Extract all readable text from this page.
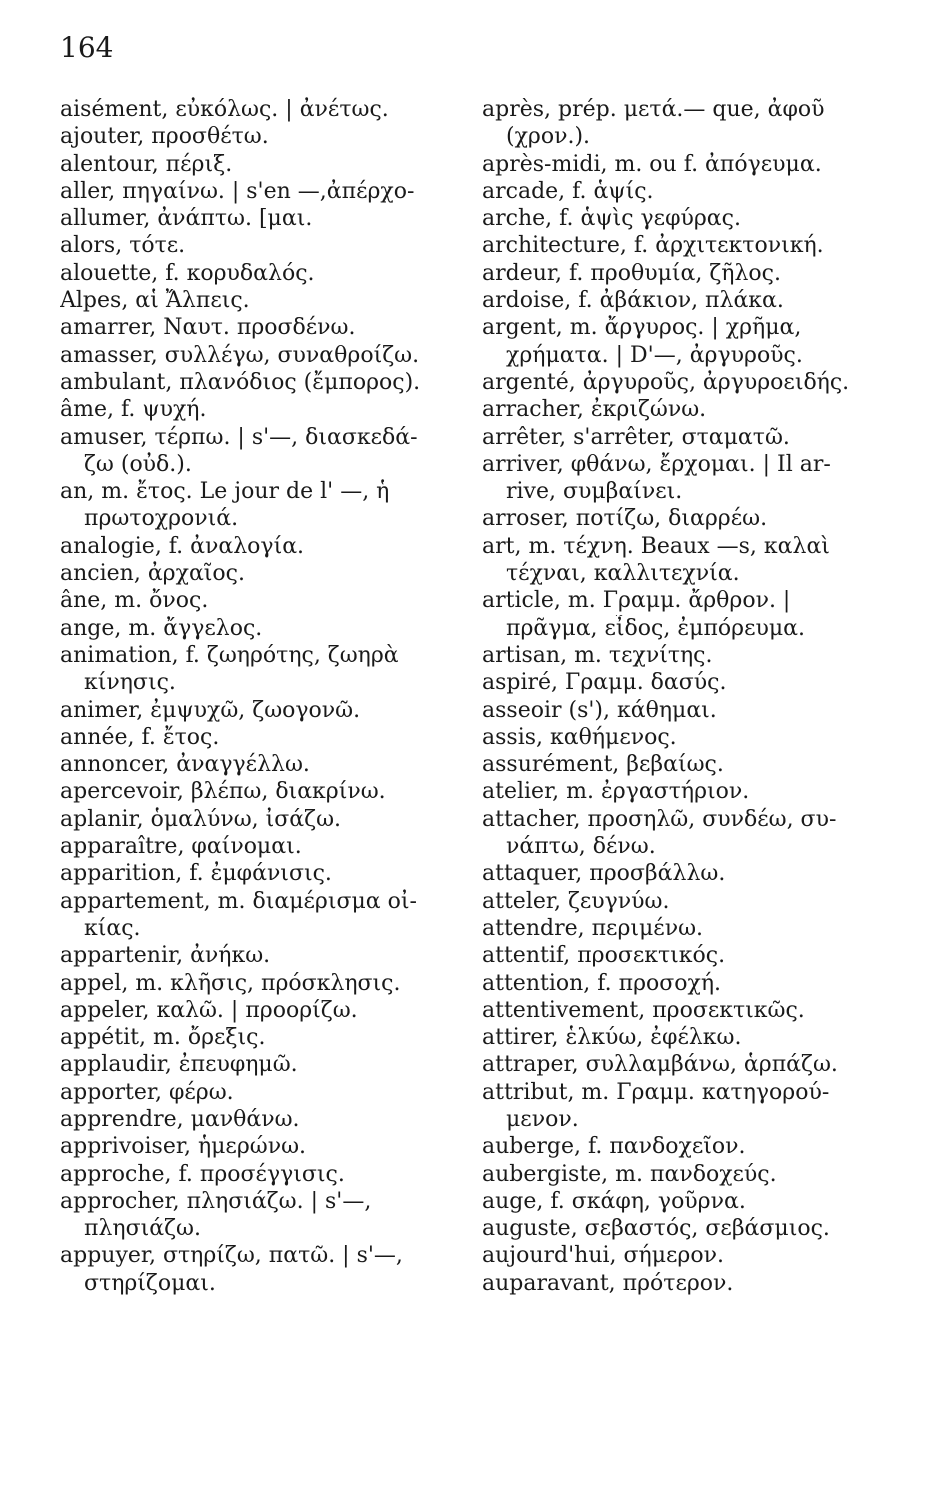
164
aisément, εὐκόλως. | ἀνέτως.
ajouter, προσθέτω.
alentour, πέριξ.
aller, πηγαίνω. | s'en —,ἀπέρχο-
allumer, ἀνάπτω. [μαι.
alors, τότε.
alouette, f. κορυδαλός.
Alpes, αἱ Ἄλπεις.
amarrer, Ναυτ. προσδένω.
amasser, συλλέγω, συναθροίζω.
ambulant, πλανόδιος (ἔμπορος).
âme, f. ψυχή.
amuser, τέρπω. | s'—, διασκεδά-
ζω (οὐδ.).
an, m. ἔτος. Le jour de l' —, ἡ
πρωτοχρονιά.
analogie, f. ἀναλογία.
ancien, ἀρχαῖος.
âne, m. ὄνος.
ange, m. ἄγγελος.
animation, f. ζωηρότης, ζωηρὰ
κίνησις.
animer, ἐμψυχῶ, ζωογονῶ.
année, f. ἔτος.
annoncer, ἀναγγέλλω.
apercevoir, βλέπω, διακρίνω.
aplanir, ὁμαλύνω, ἰσάζω.
apparaître, φαίνομαι.
apparition, f. ἐμφάνισις.
appartement, m. διαμέρισμα οἰ-
κίας.
appartenir, ἀνήκω.
appel, m. κλῆσις, πρόσκλησις.
appeler, καλῶ. | προορίζω.
appétit, m. ὄρεξις.
applaudir, ἐπευφημῶ.
apporter, φέρω.
apprendre, μανθάνω.
apprivoiser, ἡμερώνω.
approche, f. προσέγγισις.
approcher, πλησιάζω. | s'—,
πλησιάζω.
appuyer, στηρίζω, πατῶ. | s'—,
στηρίζομαι.
après, prép. μετά.— que, ἀφοῦ
(χρον.).
après-midi, m. ou f. ἀπόγευμα.
arcade, f. ἁψίς.
arche, f. ἁψὶς γεφύρας.
architecture, f. ἀρχιτεκτονική.
ardeur, f. προθυμία, ζῆλος.
ardoise, f. ἀβάκιον, πλάκα.
argent, m. ἄργυρος. | χρῆμα,
χρήματα. | D'—, ἀργυροῦς.
argenté, ἀργυροῦς, ἀργυροειδής.
arracher, ἐκριζώνω.
arrêter, s'arrêter, σταματῶ.
arriver, φθάνω, ἔρχομαι. | Il ar-
rive, συμβαίνει.
arroser, ποτίζω, διαρρέω.
art, m. τέχνη. Beaux —s, καλαὶ
τέχναι, καλλιτεχνία.
article, m. Γραμμ. ἄρθρον. |
πρᾶγμα, εἶδος, ἐμπόρευμα.
artisan, m. τεχνίτης.
aspiré, Γραμμ. δασύς.
asseoir (s'), κάθημαι.
assis, καθήμενος.
assurément, βεβαίως.
atelier, m. ἐργαστήριον.
attacher, προσηλῶ, συνδέω, συ-
νάπτω, δένω.
attaquer, προσβάλλω.
atteler, ζευγνύω.
attendre, περιμένω.
attentif, προσεκτικός.
attention, f. προσοχή.
attentivement, προσεκτικῶς.
attirer, ἑλκύω, ἐφέλκω.
attraper, συλλαμβάνω, ἁρπάζω.
attribut, m. Γραμμ. κατηγορού-
μενον.
auberge, f. πανδοχεῖον.
aubergiste, m. πανδοχεύς.
auge, f. σκάφη, γοῦρνα.
auguste, σεβαστός, σεβάσμιος.
aujourd'hui, σήμερον.
auparavant, πρότερον.
